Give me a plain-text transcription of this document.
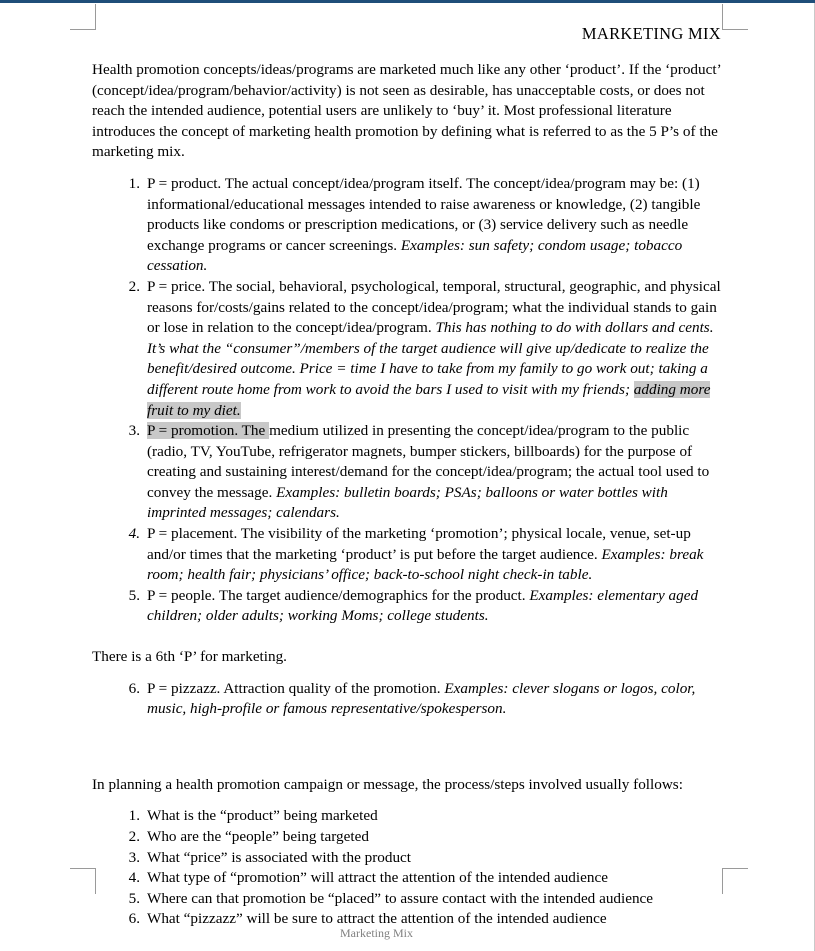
MARKETING MIX

Health promotion concepts/ideas/programs are marketed much like any other ‘product’. If the ‘product’ (concept/idea/program/behavior/activity) is not seen as desirable, has unacceptable costs, or does not reach the intended audience, potential users are unlikely to ‘buy’ it. Most professional literature introduces the concept of marketing health promotion by defining what is referred to as the 5 P’s of the marketing mix.

1. P = product. The actual concept/idea/program itself. The concept/idea/program may be: (1) informational/educational messages intended to raise awareness or knowledge, (2) tangible products like condoms or prescription medications, or (3) service delivery such as needle exchange programs or cancer screenings. Examples: sun safety; condom usage; tobacco cessation.
2. P = price. The social, behavioral, psychological, temporal, structural, geographic, and physical reasons for/costs/gains related to the concept/idea/program; what the individual stands to gain or lose in relation to the concept/idea/program. This has nothing to do with dollars and cents. It’s what the “consumer”/members of the target audience will give up/dedicate to realize the benefit/desired outcome. Price = time I have to take from my family to go work out; taking a different route home from work to avoid the bars I used to visit with my friends; adding more fruit to my diet.
3. P = promotion. The medium utilized in presenting the concept/idea/program to the public (radio, TV, YouTube, refrigerator magnets, bumper stickers, billboards) for the purpose of creating and sustaining interest/demand for the concept/idea/program; the actual tool used to convey the message. Examples: bulletin boards; PSAs; balloons or water bottles with imprinted messages; calendars.
4. P = placement. The visibility of the marketing ‘promotion’; physical locale, venue, set-up and/or times that the marketing ‘product’ is put before the target audience. Examples: break room; health fair; physicians’ office; back-to-school night check-in table.
5. P = people. The target audience/demographics for the product. Examples: elementary aged children; older adults; working Moms; college students.

There is a 6th ‘P’ for marketing.

6. P = pizzazz. Attraction quality of the promotion. Examples: clever slogans or logos, color, music, high-profile or famous representative/spokesperson.

In planning a health promotion campaign or message, the process/steps involved usually follows:

1. What is the “product” being marketed
2. Who are the “people” being targeted
3. What “price” is associated with the product
4. What type of “promotion” will attract the attention of the intended audience
5. Where can that promotion be “placed” to assure contact with the intended audience
6. What “pizzazz” will be sure to attract the attention of the intended audience
Marketing Mix
